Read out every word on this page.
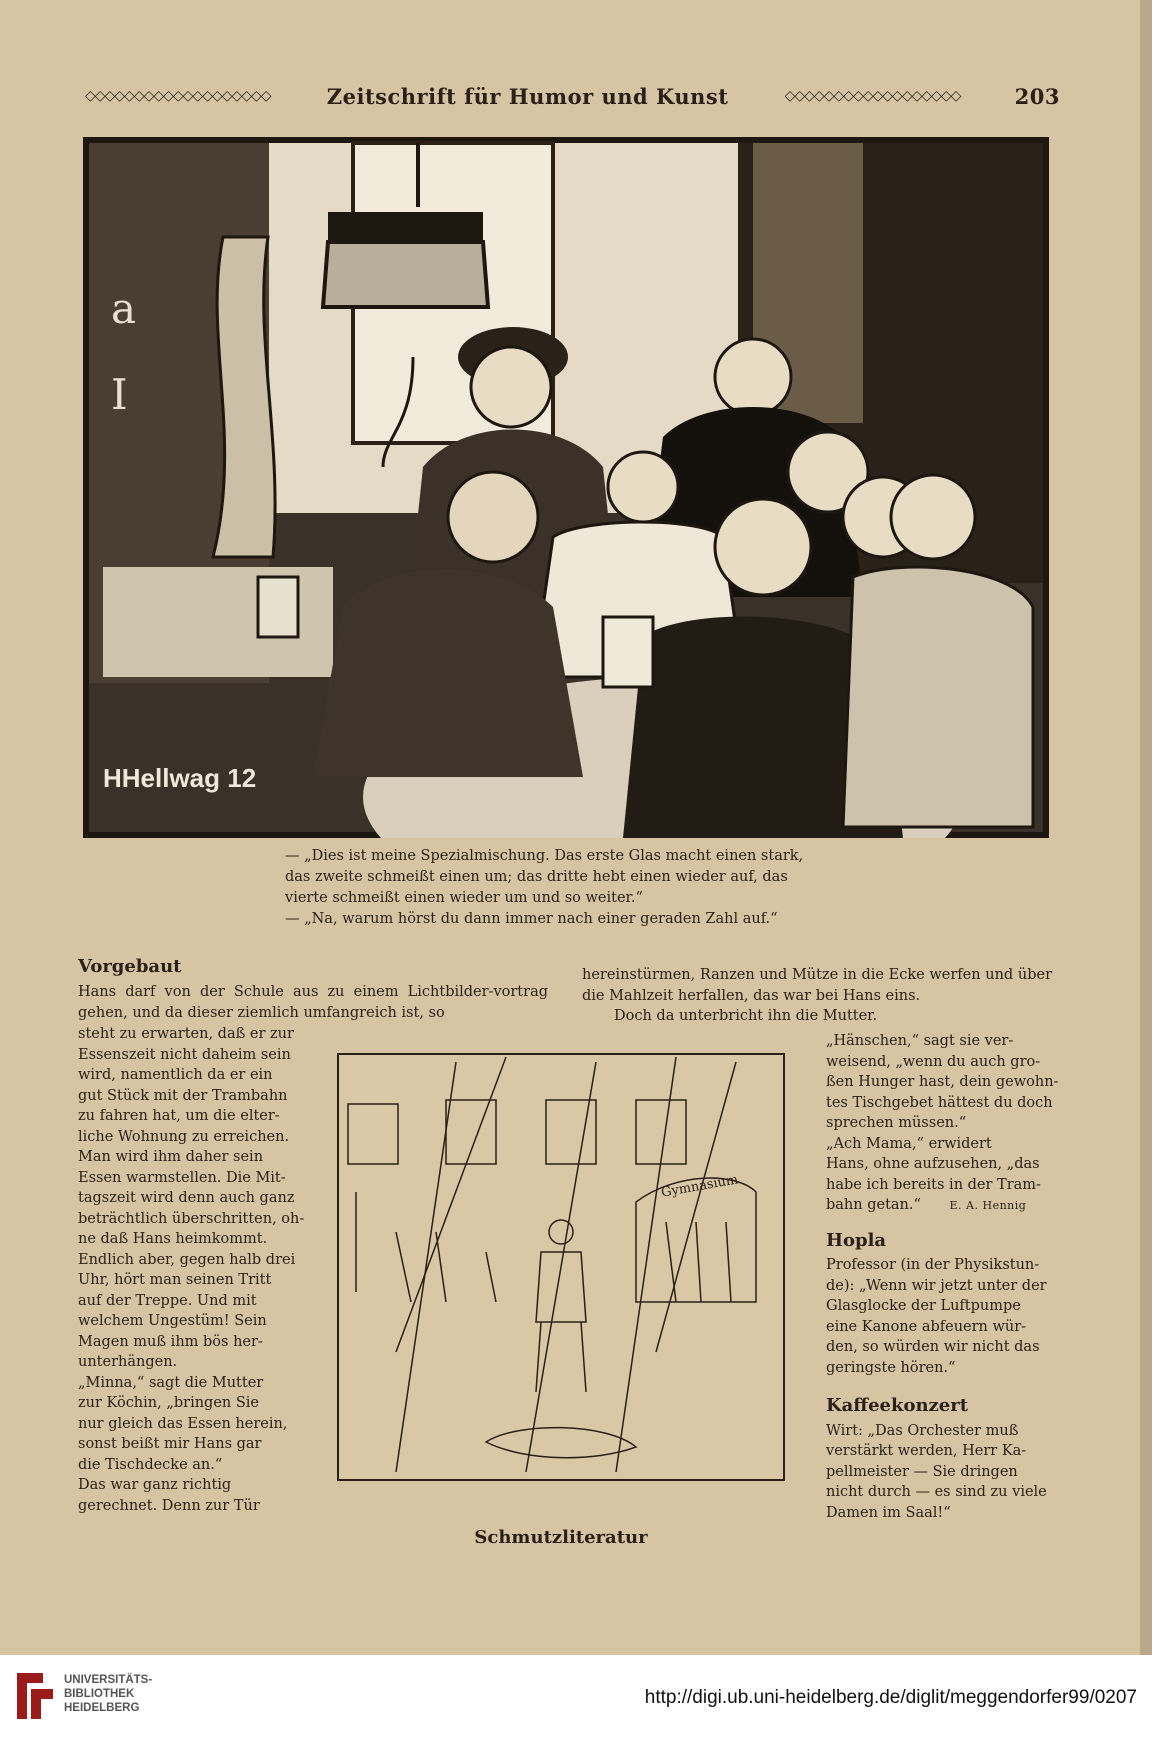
◇◇◇◇◇◇◇◇◇◇◇◇◇◇◇◇◇◇◇	Zeitschrift für Humor und Kunst	◇◇◇◇◇◇◇◇◇◇◇◇◇◇◇◇◇◇	203
a
I
HHellwag 12
— „Dies ist meine Spezialmischung. Das erste Glas macht einen stark,
das zweite schmeißt einen um; das dritte hebt einen wieder auf, das
vierte schmeißt einen wieder um und so weiter.“
— „Na, warum hörst du dann immer nach einer geraden Zahl auf.“
Vorgebaut
Hans darf von der Schule aus zu einem Lichtbilder-vortrag gehen, und da dieser ziemlich umfangreich ist, so
steht zu erwarten, daß er zur
Essenszeit nicht daheim sein
wird, namentlich da er ein
gut Stück mit der Trambahn
zu fahren hat, um die elter-
liche Wohnung zu erreichen.
Man wird ihm daher sein
Essen warmstellen. Die Mit-
tagszeit wird denn auch ganz
beträchtlich überschritten, oh-
ne daß Hans heimkommt.
Endlich aber, gegen halb drei
Uhr, hört man seinen Tritt
auf der Treppe. Und mit
welchem Ungestüm! Sein
Magen muß ihm bös her-
unterhängen.
„Minna,“ sagt die Mutter
zur Köchin, „bringen Sie
nur gleich das Essen herein,
sonst beißt mir Hans gar
die Tischdecke an.“
Das war ganz richtig
gerechnet. Denn zur Tür
hereinstürmen, Ranzen und Mütze in die Ecke werfen und über die Mahlzeit herfallen, das war bei Hans eins.
Doch da unterbricht ihn die Mutter.
„Hänschen,“ sagt sie ver-
weisend, „wenn du auch gro-
ßen Hunger hast, dein gewohn-
tes Tischgebet hättest du doch
sprechen müssen.“
„Ach Mama,“ erwidert
Hans, ohne aufzusehen, „das
habe ich bereits in der Tram-
bahn getan.“	E. A. Hennig
Hopla
Professor (in der Physikstun-
de): „Wenn wir jetzt unter der
Glasglocke der Luftpumpe
eine Kanone abfeuern wür-
den, so würden wir nicht das
geringste hören.“
Kaffeekonzert
Wirt: „Das Orchester muß
verstärkt werden, Herr Ka-
pellmeister — Sie dringen
nicht durch — es sind zu viele
Damen im Saal!“
Gymnasium
Schmutzliteratur
UNIVERSITÄTS-
BIBLIOTHEK
HEIDELBERG	http://digi.ub.uni-heidelberg.de/diglit/meggendorfer99/0207
